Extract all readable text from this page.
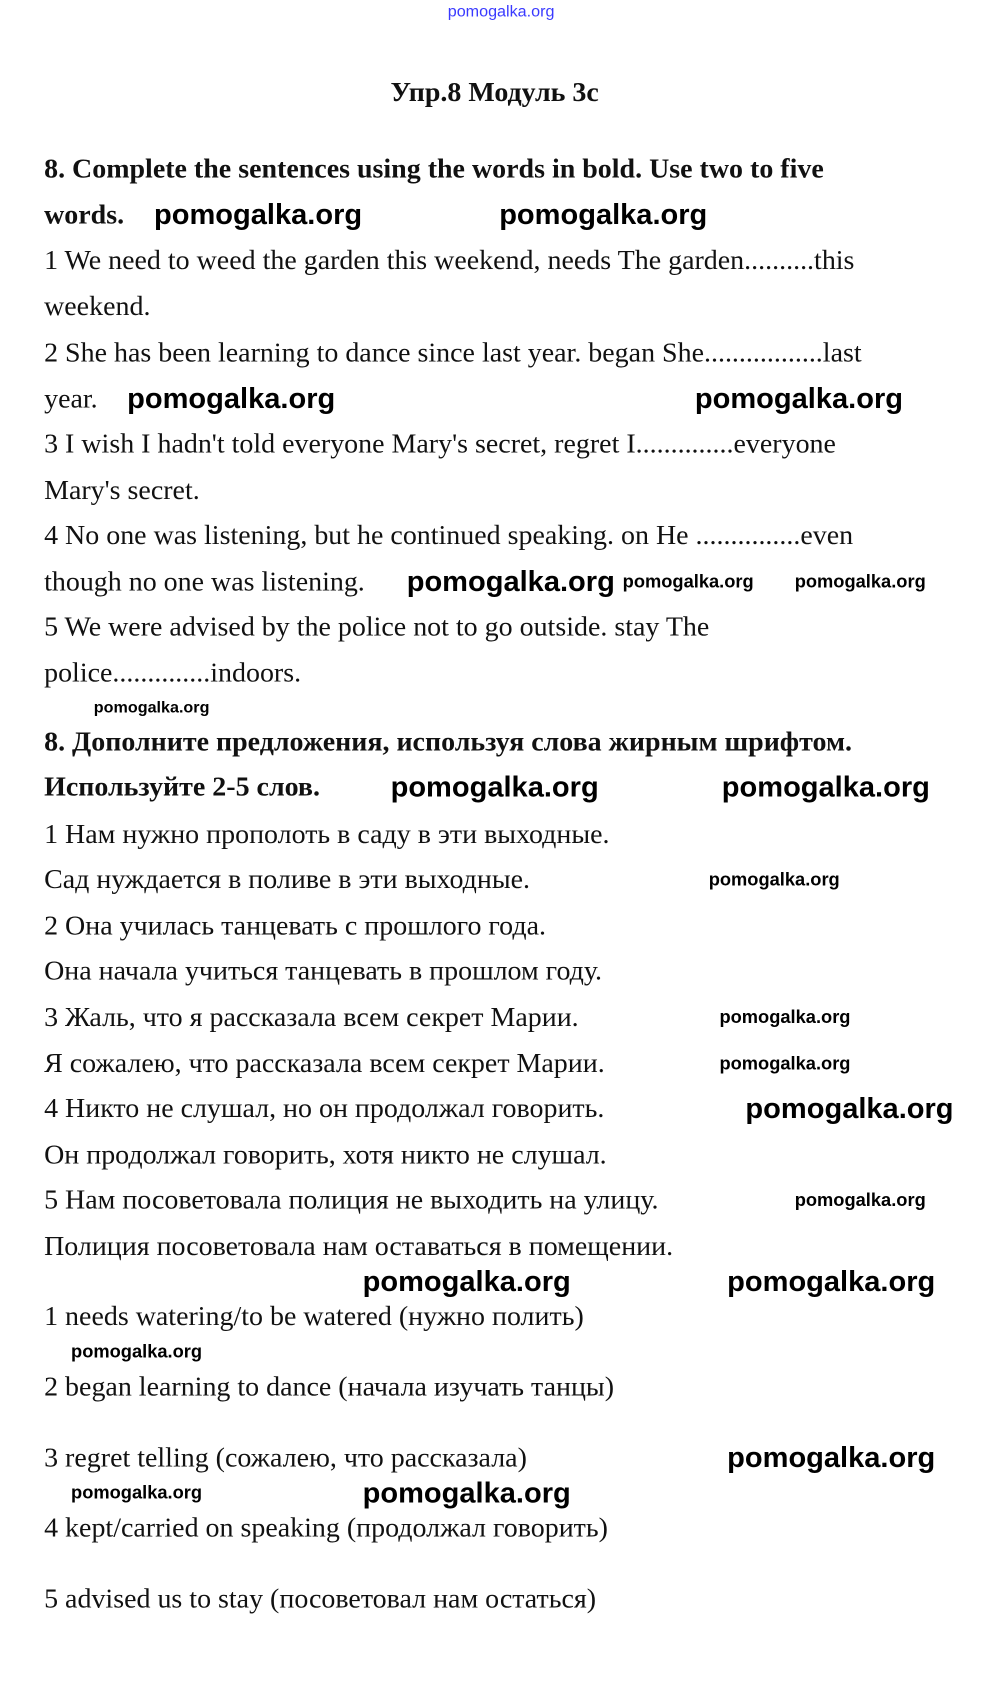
Упр.8 Модуль 3с
8. Complete the sentences using the words in bold. Use two to five
words.
1 We need to weed the garden this weekend, needs The garden..........this
weekend.
2 She has been learning to dance since last year. began She.................last
year.
3 I wish I hadn't told everyone Mary's secret, regret I..............everyone
Mary's secret.
4 No one was listening, but he continued speaking. on He ...............even
though no one was listening.
5 We were advised by the police not to go outside. stay The
police..............indoors.
8. Дополните предложения, используя слова жирным шрифтом.
Используйте 2-5 слов.
1 Нам нужно прополоть в саду в эти выходные.
Сад нуждается в поливе в эти выходные.
2 Она училась танцевать с прошлого года.
Она начала учиться танцевать в прошлом году.
3 Жаль, что я рассказала всем секрет Марии.
Я сожалею, что рассказала всем секрет Марии.
4 Никто не слушал, но он продолжал говорить.
Он продолжал говорить, хотя никто не слушал.
5 Нам посоветовала полиция не выходить на улицу.
Полиция посоветовала нам оставаться в помещении.
1 needs watering/to be watered (нужно полить)
2 began learning to dance (начала изучать танцы)
3 regret telling (сожалею, что рассказала)
4 kept/carried on speaking (продолжал говорить)
5 advised us to stay (посоветовал нам остаться)
pomogalka.org
pomogalka.org	pomogalka.org
pomogalka.org	pomogalka.org
pomogalka.org
pomogalka.org	pomogalka.org
pomogalka.org
pomogalka.org	pomogalka.org
pomogalka.org
pomogalka.org
pomogalka.org
pomogalka.org
pomogalka.org
pomogalka.org	pomogalka.org
pomogalka.org
pomogalka.org
pomogalka.org	pomogalka.org
